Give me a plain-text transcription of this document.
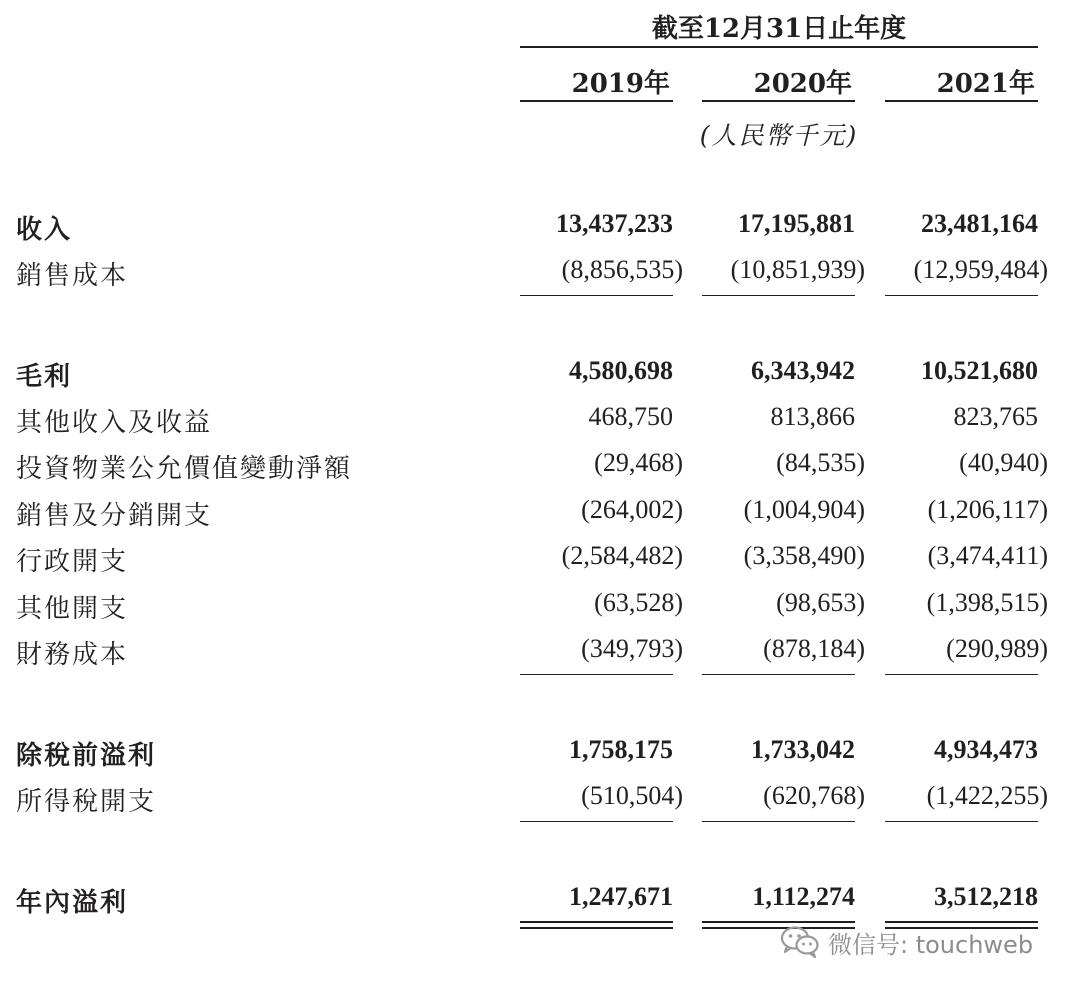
截至12月31日止年度
2019年	2020年	2021年
(人民幣千元)
收入	13,437,233	17,195,881	23,481,164
銷售成本	(8,856,535)	(10,851,939)	(12,959,484)
毛利	4,580,698	6,343,942	10,521,680
其他收入及收益	468,750	813,866	823,765
投資物業公允價值變動淨額	(29,468)	(84,535)	(40,940)
銷售及分銷開支	(264,002)	(1,004,904)	(1,206,117)
行政開支	(2,584,482)	(3,358,490)	(3,474,411)
其他開支	(63,528)	(98,653)	(1,398,515)
財務成本	(349,793)	(878,184)	(290,989)
除稅前溢利	1,758,175	1,733,042	4,934,473
所得稅開支	(510,504)	(620,768)	(1,422,255)
年內溢利	1,247,671	1,112,274	3,512,218
微信号: touchweb
